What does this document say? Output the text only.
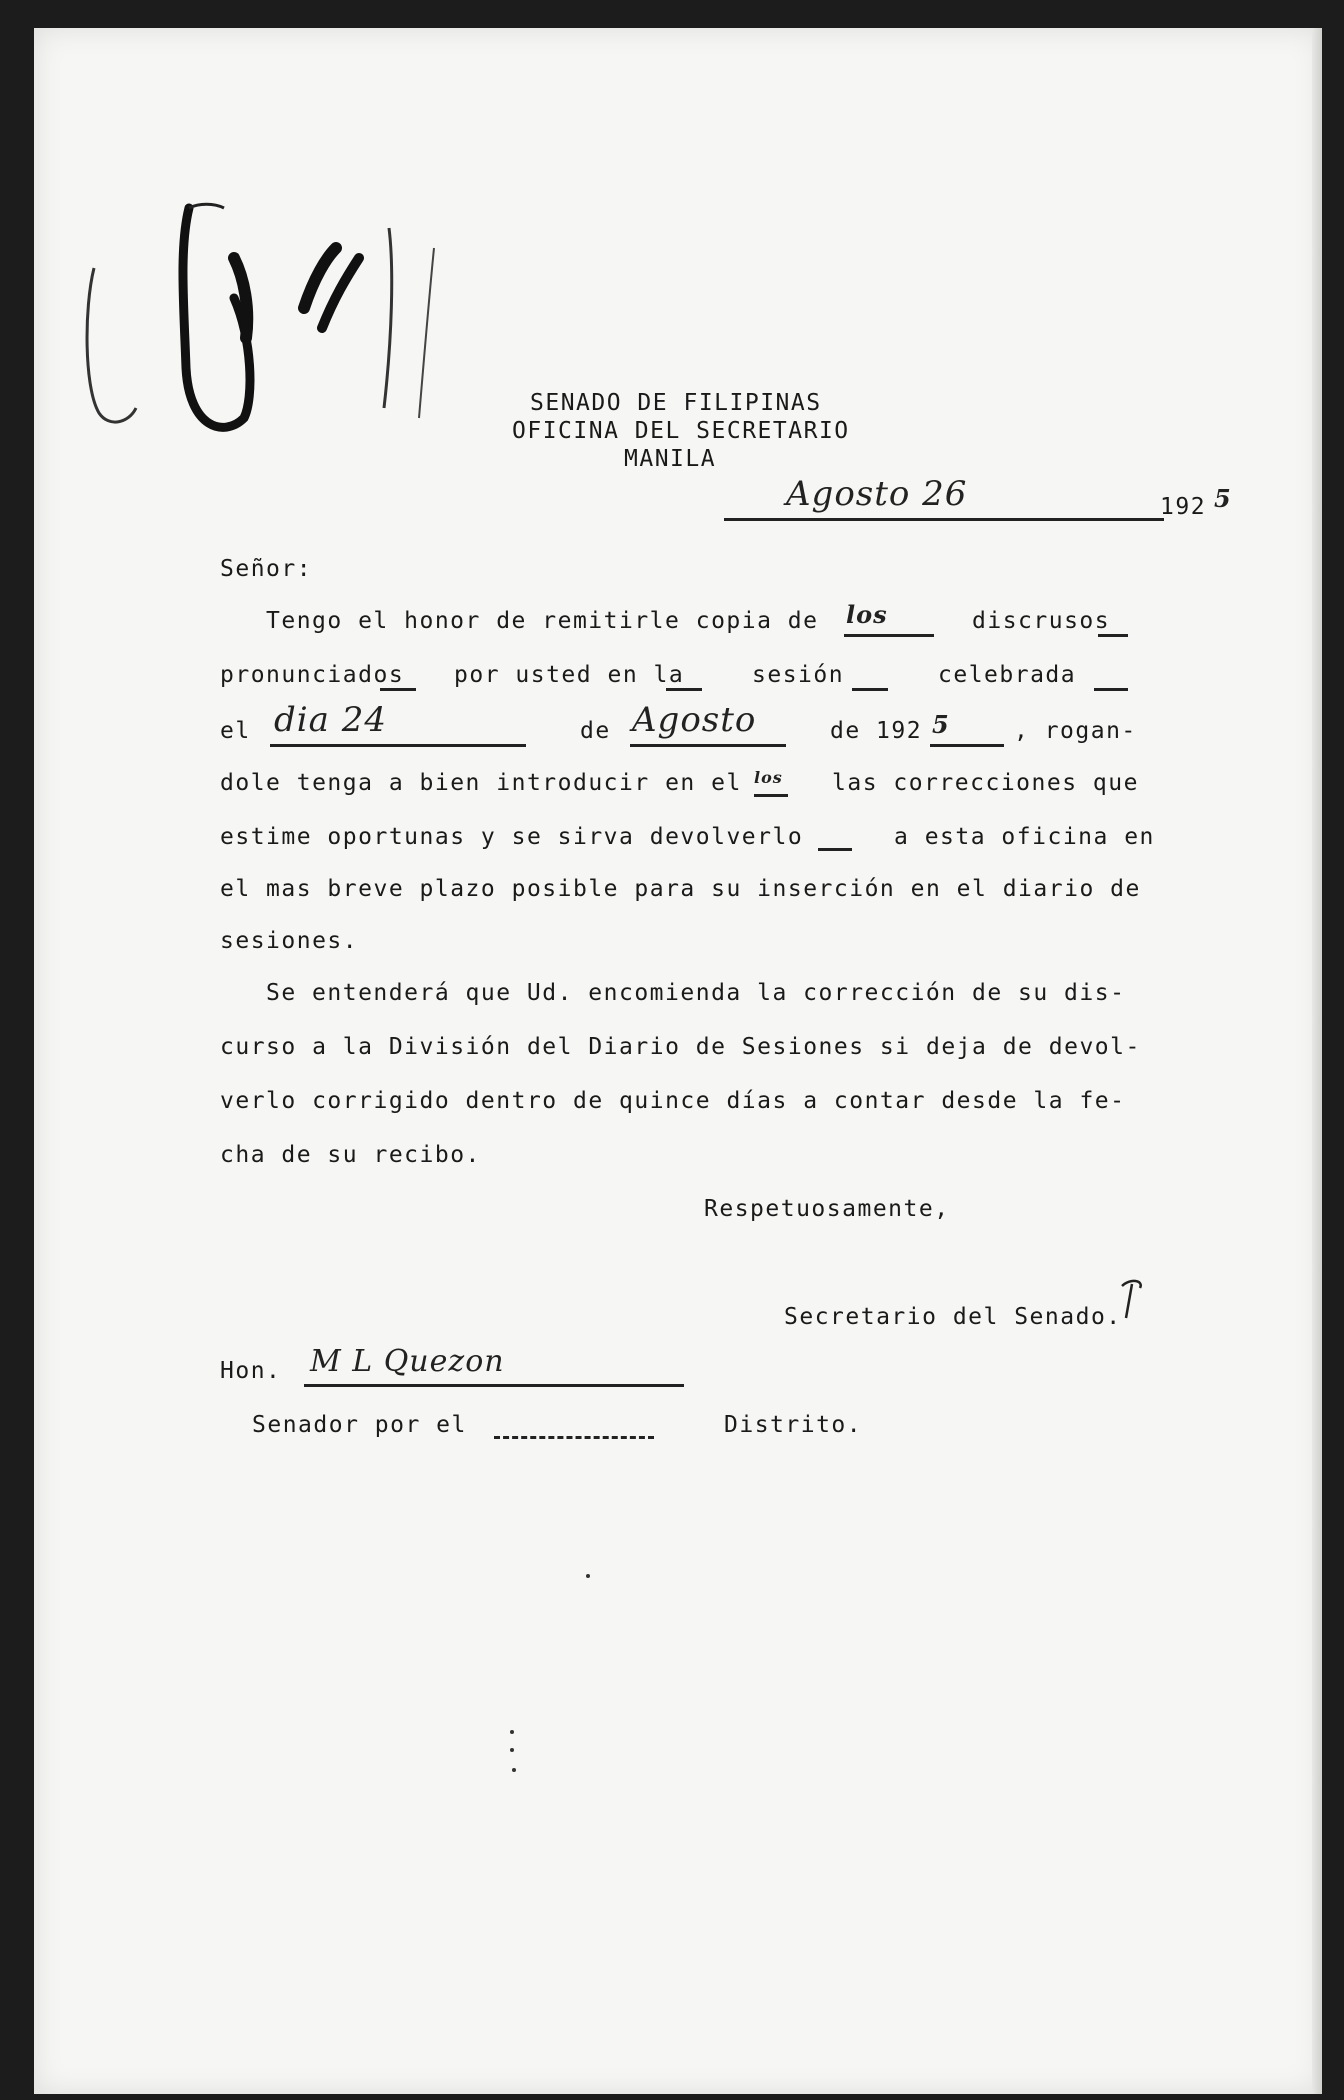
SENADO DE FILIPINAS
OFICINA DEL SECRETARIO
MANILA
Agosto 26	192 5
Señor:
Tengo el honor de remitirle copia de los	discrusos
pronunciados por usted en la	sesión	celebrada
el dia 24	de Agosto	de 192 5	, rogan-
dole tenga a bien introducir en el los las correcciones que
estime oportunas y se sirva devolverlo	a esta oficina en
el mas breve plazo posible para su inserción en el diario de
sesiones.
Se entenderá que Ud. encomienda la corrección de su dis-
curso a la División del Diario de Sesiones si deja de devol-
verlo corrigido dentro de quince días a contar desde la fe-
cha de su recibo.
Respetuosamente,
Secretario del Senado.
Hon. M L Quezon
Senador por el	Distrito.
